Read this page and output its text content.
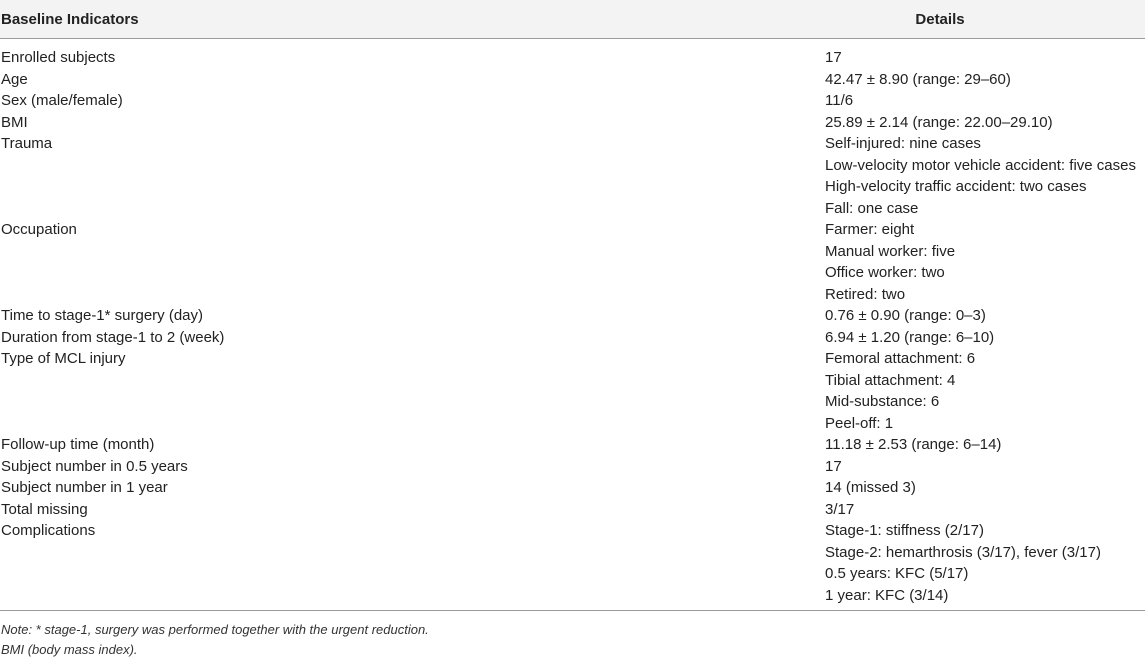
Baseline Indicators	Details
Enrolled subjects	17
Age	42.47 ± 8.90 (range: 29–60)
Sex (male/female)	11/6
BMI	25.89 ± 2.14 (range: 22.00–29.10)
Trauma	Self-injured: nine cases
Low-velocity motor vehicle accident: five cases
High-velocity traffic accident: two cases
Fall: one case
Occupation	Farmer: eight
Manual worker: five
Office worker: two
Retired: two
Time to stage-1* surgery (day)	0.76 ± 0.90 (range: 0–3)
Duration from stage-1 to 2 (week)	6.94 ± 1.20 (range: 6–10)
Type of MCL injury	Femoral attachment: 6
Tibial attachment: 4
Mid-substance: 6
Peel-off: 1
Follow-up time (month)	11.18 ± 2.53 (range: 6–14)
Subject number in 0.5 years	17
Subject number in 1 year	14 (missed 3)
Total missing	3/17
Complications	Stage-1: stiffness (2/17)
Stage-2: hemarthrosis (3/17), fever (3/17)
0.5 years: KFC (5/17)
1 year: KFC (3/14)
Note: * stage-1, surgery was performed together with the urgent reduction.
BMI (body mass index).
